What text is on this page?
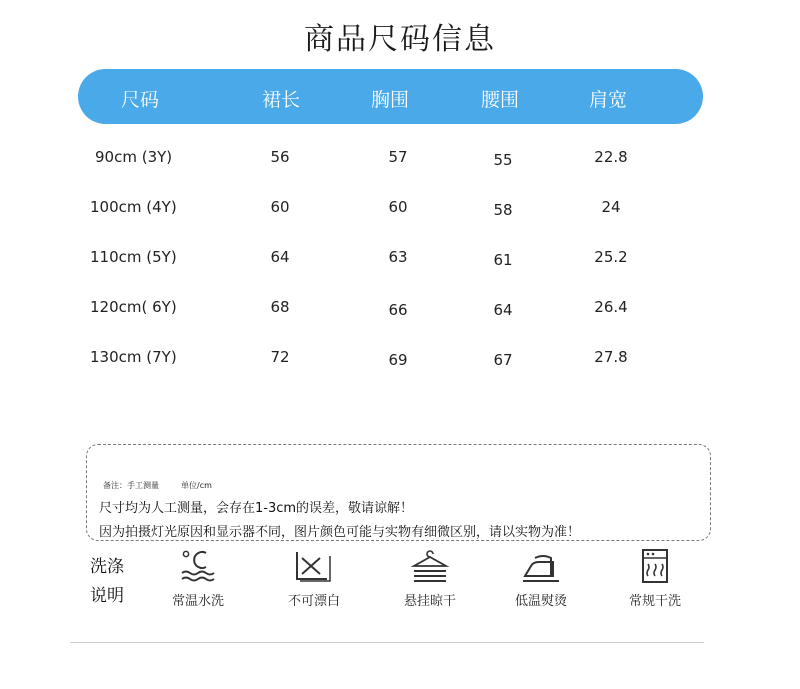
商品尺码信息
尺码	裙长	胸围	腰围	肩宽
90cm (3Y)	56	57	55	22.8
100cm (4Y)	60	60	58	24
110cm (5Y)	64	63	61	25.2
120cm( 6Y)	68	66	64	26.4
130cm (7Y)	72	69	67	27.8
备注：手工测量	单位/cm
尺寸均为人工测量，会存在1-3cm的误差，敬请谅解！
因为拍摄灯光原因和显示器不同，图片颜色可能与实物有细微区别，请以实物为准！
洗涤
说明	常温水洗	不可漂白	悬挂晾干	低温熨烫	常规干洗
